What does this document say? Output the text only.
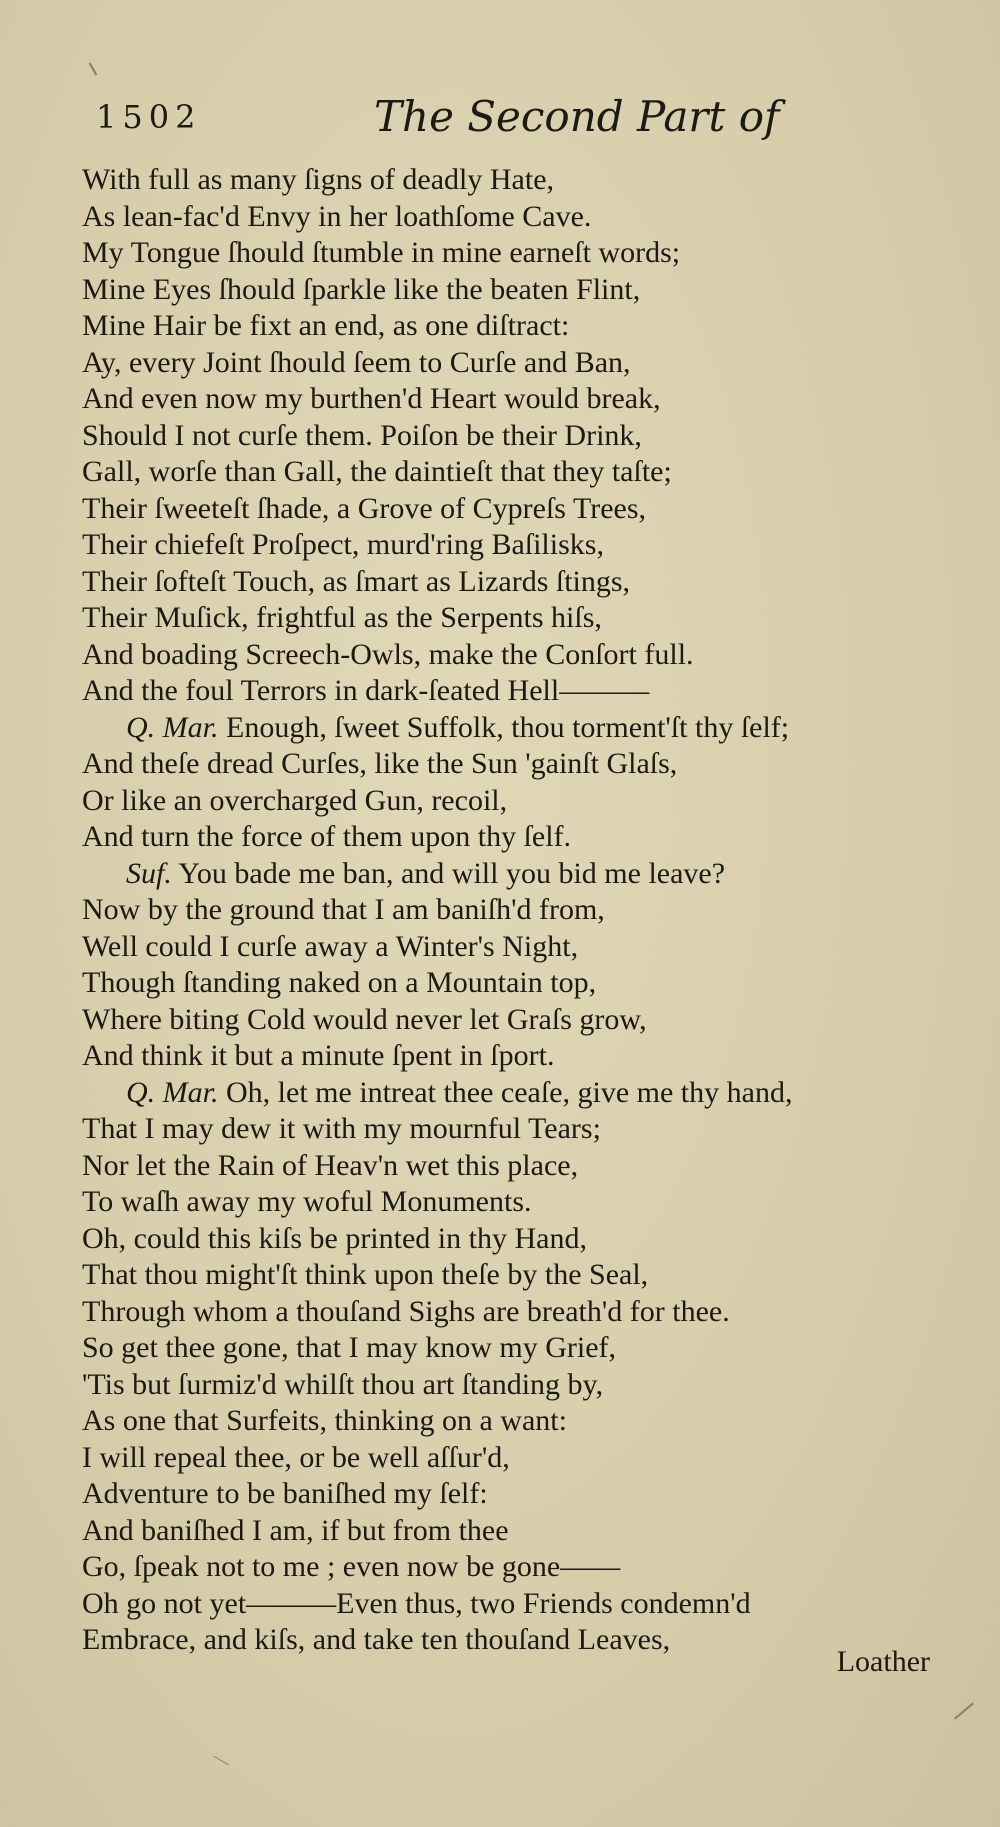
1502	The Second Part of
With full as many ſigns of deadly Hate,
As lean-fac'd Envy in her loathſome Cave.
My Tongue ſhould ſtumble in mine earneſt words;
Mine Eyes ſhould ſparkle like the beaten Flint,
Mine Hair be fixt an end, as one diſtract:
Ay, every Joint ſhould ſeem to Curſe and Ban,
And even now my burthen'd Heart would break,
Should I not curſe them. Poiſon be their Drink,
Gall, worſe than Gall, the daintieſt that they taſte;
Their ſweeteſt ſhade, a Grove of Cypreſs Trees,
Their chiefeſt Proſpect, murd'ring Baſilisks,
Their ſofteſt Touch, as ſmart as Lizards ſtings,
Their Muſick, frightful as the Serpents hiſs,
And boading Screech-Owls, make the Conſort full.
And the foul Terrors in dark-ſeated Hell———
Q. Mar. Enough, ſweet Suffolk, thou torment'ſt thy ſelf;
And theſe dread Curſes, like the Sun 'gainſt Glaſs,
Or like an overcharged Gun, recoil,
And turn the force of them upon thy ſelf.
Suf. You bade me ban, and will you bid me leave?
Now by the ground that I am baniſh'd from,
Well could I curſe away a Winter's Night,
Though ſtanding naked on a Mountain top,
Where biting Cold would never let Graſs grow,
And think it but a minute ſpent in ſport.
Q. Mar. Oh, let me intreat thee ceaſe, give me thy hand,
That I may dew it with my mournful Tears;
Nor let the Rain of Heav'n wet this place,
To waſh away my woful Monuments.
Oh, could this kiſs be printed in thy Hand,
That thou might'ſt think upon theſe by the Seal,
Through whom a thouſand Sighs are breath'd for thee.
So get thee gone, that I may know my Grief,
'Tis but ſurmiz'd whilſt thou art ſtanding by,
As one that Surfeits, thinking on a want:
I will repeal thee, or be well aſſur'd,
Adventure to be baniſhed my ſelf:
And baniſhed I am, if but from thee
Go, ſpeak not to me ; even now be gone——
Oh go not yet———Even thus, two Friends condemn'd
Embrace, and kiſs, and take ten thouſand Leaves,
Loather
